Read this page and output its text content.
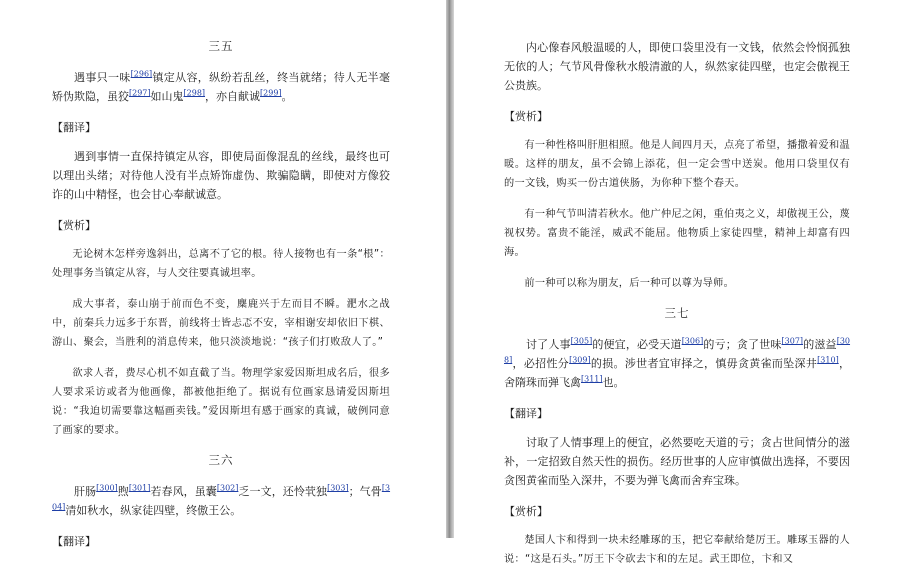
三五

遇事只一味[296]镇定从容，纵纷若乱丝，终当就绪；待人无半毫矫伪欺隐，虽狡[297]如山鬼[298]，亦自献诚[299]。

【翻译】

遇到事情一直保持镇定从容，即使局面像混乱的丝线，最终也可以理出头绪；对待他人没有半点矫饰虚伪、欺骗隐瞒，即使对方像狡诈的山中精怪，也会甘心奉献诚意。

【赏析】

无论树木怎样旁逸斜出，总离不了它的根。待人接物也有一条“根”：处理事务当镇定从容，与人交往要真诚坦率。

成大事者，泰山崩于前而色不变，麋鹿兴于左而目不瞬。淝水之战中，前秦兵力远多于东晋，前线将士皆忐忑不安，宰相谢安却依旧下棋、游山、聚会，当胜利的消息传来，他只淡淡地说：“孩子们打败敌人了。”

欲求人者，费尽心机不如直截了当。物理学家爱因斯坦成名后，很多人要求采访或者为他画像，都被他拒绝了。据说有位画家恳请爱因斯坦说：“我迫切需要靠这幅画卖钱。”爱因斯坦有感于画家的真诚，破例同意了画家的要求。

三六

肝肠[300]煦[301]若春风，虽囊[302]乏一文，还怜茕独[303]；气骨[304]清如秋水，纵家徒四壁，终傲王公。

【翻译】

内心像春风般温暖的人，即使口袋里没有一文钱，依然会怜悯孤独无依的人；气节风骨像秋水般清澈的人，纵然家徒四壁，也定会傲视王公贵族。

【赏析】

有一种性格叫肝胆相照。他是人间四月天，点亮了希望，播撒着爱和温暖。这样的朋友，虽不会锦上添花，但一定会雪中送炭。他用口袋里仅有的一文钱，购买一份古道侠肠，为你种下整个春天。

有一种气节叫清若秋水。他广仲尼之闲，重伯夷之义，却傲视王公，蔑视权势。富贵不能淫，威武不能屈。他物质上家徒四壁，精神上却富有四海。

前一种可以称为朋友，后一种可以尊为导师。

三七

讨了人事[305]的便宜，必受天道[306]的亏；贪了世味[307]的滋益[308]，必招性分[309]的损。涉世者宜审择之，慎毋贪黄雀而坠深井[310]，舍隋珠而弹飞禽[311]也。

【翻译】

讨取了人情事理上的便宜，必然要吃天道的亏；贪占世间情分的滋补，一定招致自然天性的损伤。经历世事的人应审慎做出选择，不要因贪图黄雀而坠入深井，不要为弹飞禽而舍弃宝珠。

【赏析】

楚国人卞和得到一块未经雕琢的玉，把它奉献给楚厉王。雕琢玉器的人说：“这是石头。”厉王下令砍去卞和的左足。武王即位，卞和又
